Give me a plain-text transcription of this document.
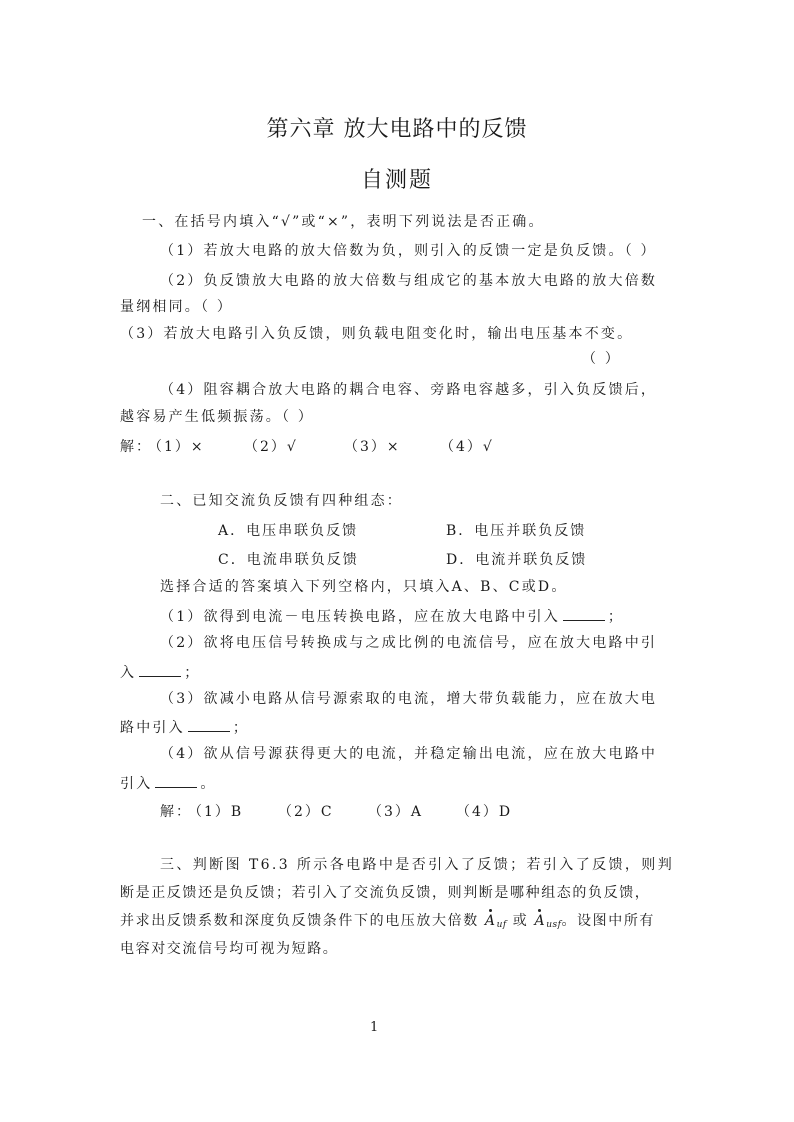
第六章 放大电路中的反馈
自测题
一、在括号内填入“√”或“×”，表明下列说法是否正确。
（1）若放大电路的放大倍数为负，则引入的反馈一定是负反馈。（ ）
（2）负反馈放大电路的放大倍数与组成它的基本放大电路的放大倍数
量纲相同。（ ）
（3）若放大电路引入负反馈，则负载电阻变化时，输出电压基本不变。
（ ）
（4）阻容耦合放大电路的耦合电容、旁路电容越多，引入负反馈后，
越容易产生低频振荡。（ ）
解：
（1）×	（2）√	（3）×	（4）√
二、已知交流负反馈有四种组态：
A．电压串联负反馈	B．电压并联负反馈
C．电流串联负反馈	D．电流并联负反馈
选择合适的答案填入下列空格内，只填入A、B、C或D。
（1）欲得到电流－电压转换电路，应在放大电路中引入	；
（2）欲将电压信号转换成与之成比例的电流信号，应在放大电路中引
入	；
（3）欲减小电路从信号源索取的电流，增大带负载能力，应在放大电
路中引入	；
（4）欲从信号源获得更大的电流，并稳定输出电流，应在放大电路中
引入	。
解：
（1）B （2）C （3）A （4）D
三、判断图 T6.3 所示各电路中是否引入了反馈；若引入了反馈，则判
断是正反馈还是负反馈；若引入了交流负反馈，则判断是哪种组态的负反馈，
并求出反馈系数和深度负反馈条件下的电压放大倍数 $A_{uf}$ 或 $A_{usf}$。设图中所有
电容对交流信号均可视为短路。
1
